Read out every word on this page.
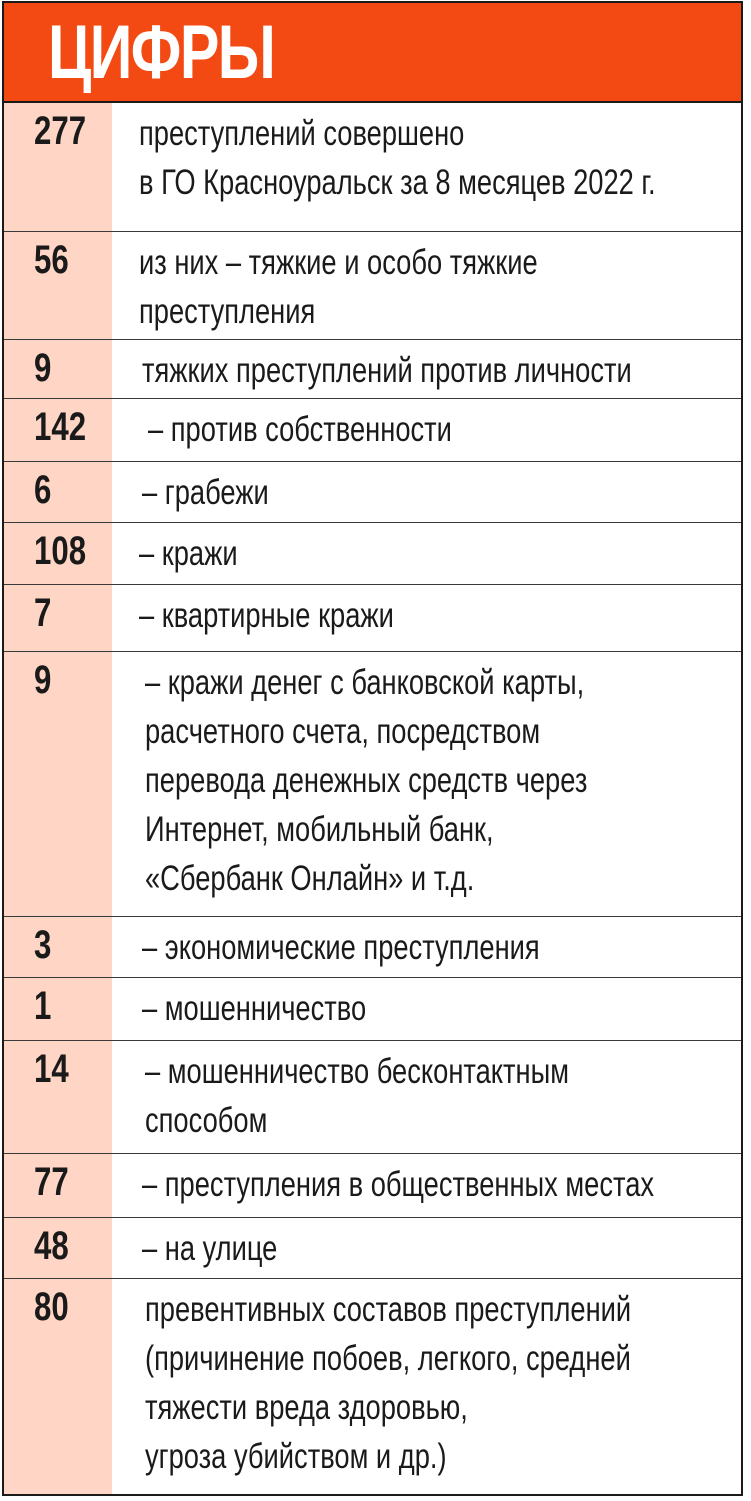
ЦИФРЫ
277	преступлений совершено
в ГО Красноуральск за 8 месяцев 2022 г.
56	из них – тяжкие и особо тяжкие
преступления
9	тяжких преступлений против личности
142	– против собственности
6	– грабежи
108	– кражи
7	– квартирные кражи
9	– кражи денег с банковской карты,
расчетного счета, посредством
перевода денежных средств через
Интернет, мобильный банк,
«Сбербанк Онлайн» и т.д.
3	– экономические преступления
1	– мошенничество
14	– мошенничество бесконтактным
способом
77	– преступления в общественных местах
48	– на улице
80	превентивных составов преступлений
(причинение побоев, легкого, средней
тяжести вреда здоровью,
угроза убийством и др.)
